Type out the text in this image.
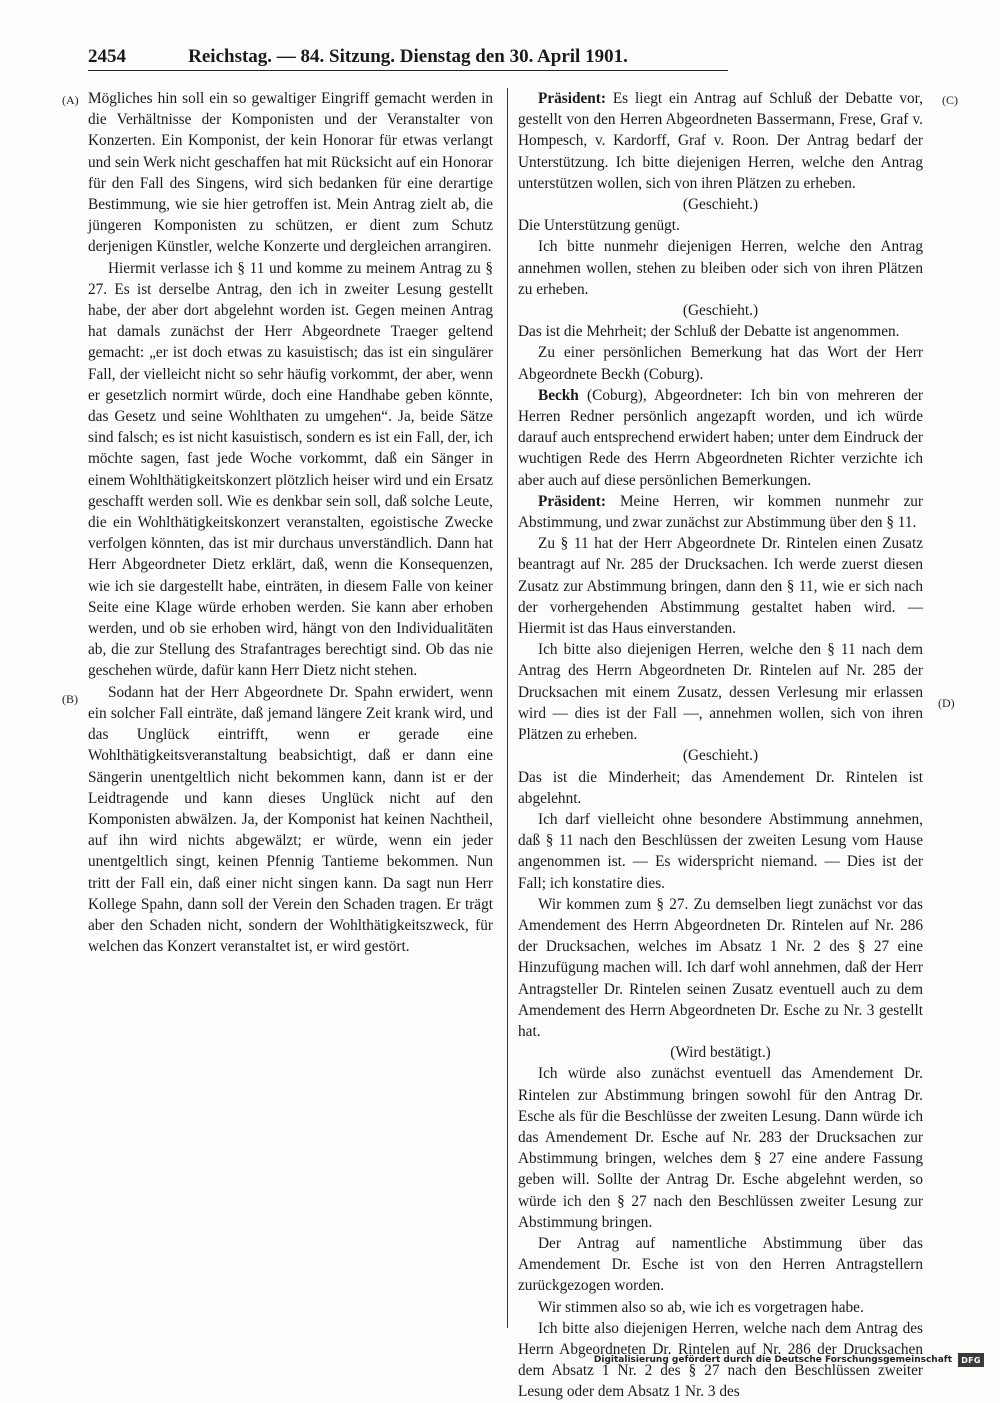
2454	Reichstag. — 84. Sitzung. Dienstag den 30. April 1901.
(A)
(B)
(C)
(D)

Mögliches hin soll ein so gewaltiger Eingriff gemacht werden in die Verhältnisse der Komponisten und der Veranstalter von Konzerten. Ein Komponist, der kein Honorar für etwas verlangt und sein Werk nicht geschaffen hat mit Rücksicht auf ein Honorar für den Fall des Singens, wird sich bedanken für eine derartige Bestimmung, wie sie hier getroffen ist. Mein Antrag zielt ab, die jüngeren Komponisten zu schützen, er dient zum Schutz derjenigen Künstler, welche Konzerte und dergleichen arrangiren.

Hiermit verlasse ich § 11 und komme zu meinem Antrag zu § 27. Es ist derselbe Antrag, den ich in zweiter Lesung gestellt habe, der aber dort abgelehnt worden ist. Gegen meinen Antrag hat damals zunächst der Herr Abgeordnete Traeger geltend gemacht: „er ist doch etwas zu kasuistisch; das ist ein singulärer Fall, der vielleicht nicht so sehr häufig vorkommt, der aber, wenn er gesetzlich normirt würde, doch eine Handhabe geben könnte, das Gesetz und seine Wohlthaten zu umgehen“. Ja, beide Sätze sind falsch; es ist nicht kasuistisch, sondern es ist ein Fall, der, ich möchte sagen, fast jede Woche vorkommt, daß ein Sänger in einem Wohlthätigkeitskonzert plötzlich heiser wird und ein Ersatz geschafft werden soll. Wie es denkbar sein soll, daß solche Leute, die ein Wohlthätigkeitskonzert veranstalten, egoistische Zwecke verfolgen könnten, das ist mir durchaus unverständlich. Dann hat Herr Abgeordneter Dietz erklärt, daß, wenn die Konsequenzen, wie ich sie dargestellt habe, einträten, in diesem Falle von keiner Seite eine Klage würde erhoben werden. Sie kann aber erhoben werden, und ob sie erhoben wird, hängt von den Individualitäten ab, die zur Stellung des Strafantrages berechtigt sind. Ob das nie geschehen würde, dafür kann Herr Dietz nicht stehen.

Sodann hat der Herr Abgeordnete Dr. Spahn erwidert, wenn ein solcher Fall einträte, daß jemand längere Zeit krank wird, und das Unglück eintrifft, wenn er gerade eine Wohlthätigkeitsveranstaltung beabsichtigt, daß er dann eine Sängerin unentgeltlich nicht bekommen kann, dann ist er der Leidtragende und kann dieses Unglück nicht auf den Komponisten abwälzen. Ja, der Komponist hat keinen Nachtheil, auf ihn wird nichts abgewälzt; er würde, wenn ein jeder unentgeltlich singt, keinen Pfennig Tantieme bekommen. Nun tritt der Fall ein, daß einer nicht singen kann. Da sagt nun Herr Kollege Spahn, dann soll der Verein den Schaden tragen. Er trägt aber den Schaden nicht, sondern der Wohlthätigkeitszweck, für welchen das Konzert veranstaltet ist, er wird gestört.

Präsident: Es liegt ein Antrag auf Schluß der Debatte vor, gestellt von den Herren Abgeordneten Bassermann, Frese, Graf v. Hompesch, v. Kardorff, Graf v. Roon. Der Antrag bedarf der Unterstützung. Ich bitte diejenigen Herren, welche den Antrag unterstützen wollen, sich von ihren Plätzen zu erheben.

(Geschieht.)

Die Unterstützung genügt.

Ich bitte nunmehr diejenigen Herren, welche den Antrag annehmen wollen, stehen zu bleiben oder sich von ihren Plätzen zu erheben.

(Geschieht.)

Das ist die Mehrheit; der Schluß der Debatte ist angenommen.

Zu einer persönlichen Bemerkung hat das Wort der Herr Abgeordnete Beckh (Coburg).

Beckh (Coburg), Abgeordneter: Ich bin von mehreren der Herren Redner persönlich angezapft worden, und ich würde darauf auch entsprechend erwidert haben; unter dem Eindruck der wuchtigen Rede des Herrn Abgeordneten Richter verzichte ich aber auch auf diese persönlichen Bemerkungen.

Präsident: Meine Herren, wir kommen nunmehr zur Abstimmung, und zwar zunächst zur Abstimmung über den § 11.

Zu § 11 hat der Herr Abgeordnete Dr. Rintelen einen Zusatz beantragt auf Nr. 285 der Drucksachen. Ich werde zuerst diesen Zusatz zur Abstimmung bringen, dann den § 11, wie er sich nach der vorhergehenden Abstimmung gestaltet haben wird. — Hiermit ist das Haus einverstanden.

Ich bitte also diejenigen Herren, welche den § 11 nach dem Antrag des Herrn Abgeordneten Dr. Rintelen auf Nr. 285 der Drucksachen mit einem Zusatz, dessen Verlesung mir erlassen wird — dies ist der Fall —, annehmen wollen, sich von ihren Plätzen zu erheben.

(Geschieht.)

Das ist die Minderheit; das Amendement Dr. Rintelen ist abgelehnt.

Ich darf vielleicht ohne besondere Abstimmung annehmen, daß § 11 nach den Beschlüssen der zweiten Lesung vom Hause angenommen ist. — Es widerspricht niemand. — Dies ist der Fall; ich konstatire dies.

Wir kommen zum § 27. Zu demselben liegt zunächst vor das Amendement des Herrn Abgeordneten Dr. Rintelen auf Nr. 286 der Drucksachen, welches im Absatz 1 Nr. 2 des § 27 eine Hinzufügung machen will. Ich darf wohl annehmen, daß der Herr Antragsteller Dr. Rintelen seinen Zusatz eventuell auch zu dem Amendement des Herrn Abgeordneten Dr. Esche zu Nr. 3 gestellt hat.

(Wird bestätigt.)

Ich würde also zunächst eventuell das Amendement Dr. Rintelen zur Abstimmung bringen sowohl für den Antrag Dr. Esche als für die Beschlüsse der zweiten Lesung. Dann würde ich das Amendement Dr. Esche auf Nr. 283 der Drucksachen zur Abstimmung bringen, welches dem § 27 eine andere Fassung geben will. Sollte der Antrag Dr. Esche abgelehnt werden, so würde ich den § 27 nach den Beschlüssen zweiter Lesung zur Abstimmung bringen.

Der Antrag auf namentliche Abstimmung über das Amendement Dr. Esche ist von den Herren Antragstellern zurückgezogen worden.

Wir stimmen also so ab, wie ich es vorgetragen habe.

Ich bitte also diejenigen Herren, welche nach dem Antrag des Herrn Abgeordneten Dr. Rintelen auf Nr. 286 der Drucksachen dem Absatz 1 Nr. 2 des § 27 nach den Beschlüssen zweiter Lesung oder dem Absatz 1 Nr. 3 des

Digitalisierung gefördert durch die Deutsche Forschungsgemeinschaft	DFG
